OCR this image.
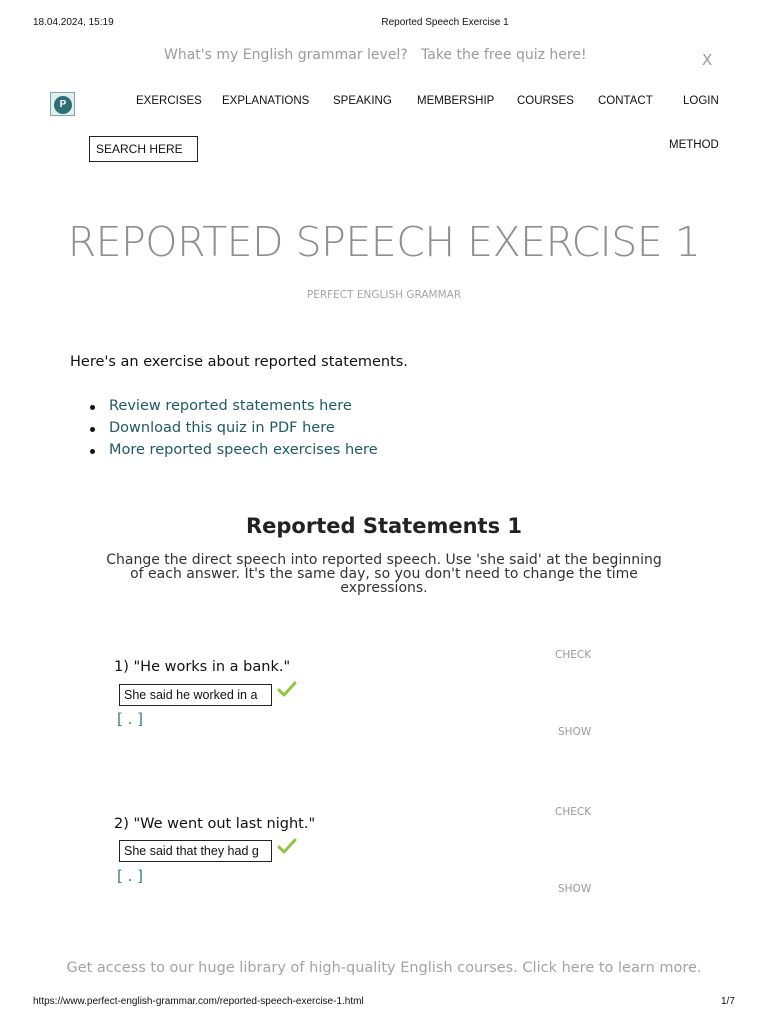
18.04.2024, 15:19	Reported Speech Exercise 1
What's my English grammar level? Take the free quiz here!	X
P	EXERCISES EXPLANATIONS SPEAKING MEMBERSHIP COURSES CONTACT	LOGIN
SEARCH HERE	METHOD
REPORTED SPEECH EXERCISE 1
PERFECT ENGLISH GRAMMAR

Here's an exercise about reported statements.

Review reported statements here
Download this quiz in PDF here
More reported speech exercises here
Reported Statements 1
Change the direct speech into reported speech. Use 'she said' at the beginning
of each answer. It's the same day, so you don't need to change the time
expressions.
CHECK
1) "He works in a bank."
She said he worked in a
[ . ]
SHOW
CHECK
2) "We went out last night."
She said that they had g
[ . ]
SHOW
Get access to our huge library of high-quality English courses. Click here to learn more.
https://www.perfect-english-grammar.com/reported-speech-exercise-1.html	1/7
